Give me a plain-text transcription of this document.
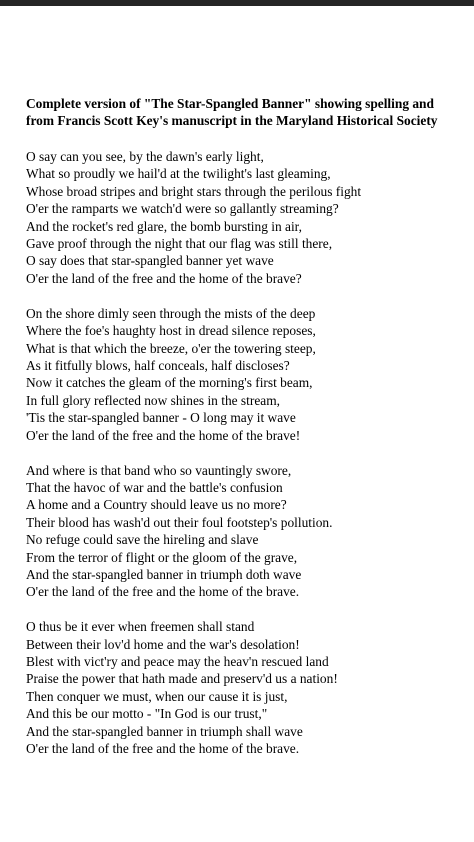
Complete version of "The Star-Spangled Banner" showing spelling and
from Francis Scott Key's manuscript in the Maryland Historical Society
O say can you see, by the dawn's early light,
What so proudly we hail'd at the twilight's last gleaming,
Whose broad stripes and bright stars through the perilous fight
O'er the ramparts we watch'd were so gallantly streaming?
And the rocket's red glare, the bomb bursting in air,
Gave proof through the night that our flag was still there,
O say does that star-spangled banner yet wave
O'er the land of the free and the home of the brave?
On the shore dimly seen through the mists of the deep
Where the foe's haughty host in dread silence reposes,
What is that which the breeze, o'er the towering steep,
As it fitfully blows, half conceals, half discloses?
Now it catches the gleam of the morning's first beam,
In full glory reflected now shines in the stream,
'Tis the star-spangled banner - O long may it wave
O'er the land of the free and the home of the brave!
And where is that band who so vauntingly swore,
That the havoc of war and the battle's confusion
A home and a Country should leave us no more?
Their blood has wash'd out their foul footstep's pollution.
No refuge could save the hireling and slave
From the terror of flight or the gloom of the grave,
And the star-spangled banner in triumph doth wave
O'er the land of the free and the home of the brave.
O thus be it ever when freemen shall stand
Between their lov'd home and the war's desolation!
Blest with vict'ry and peace may the heav'n rescued land
Praise the power that hath made and preserv'd us a nation!
Then conquer we must, when our cause it is just,
And this be our motto - "In God is our trust,"
And the star-spangled banner in triumph shall wave
O'er the land of the free and the home of the brave.
